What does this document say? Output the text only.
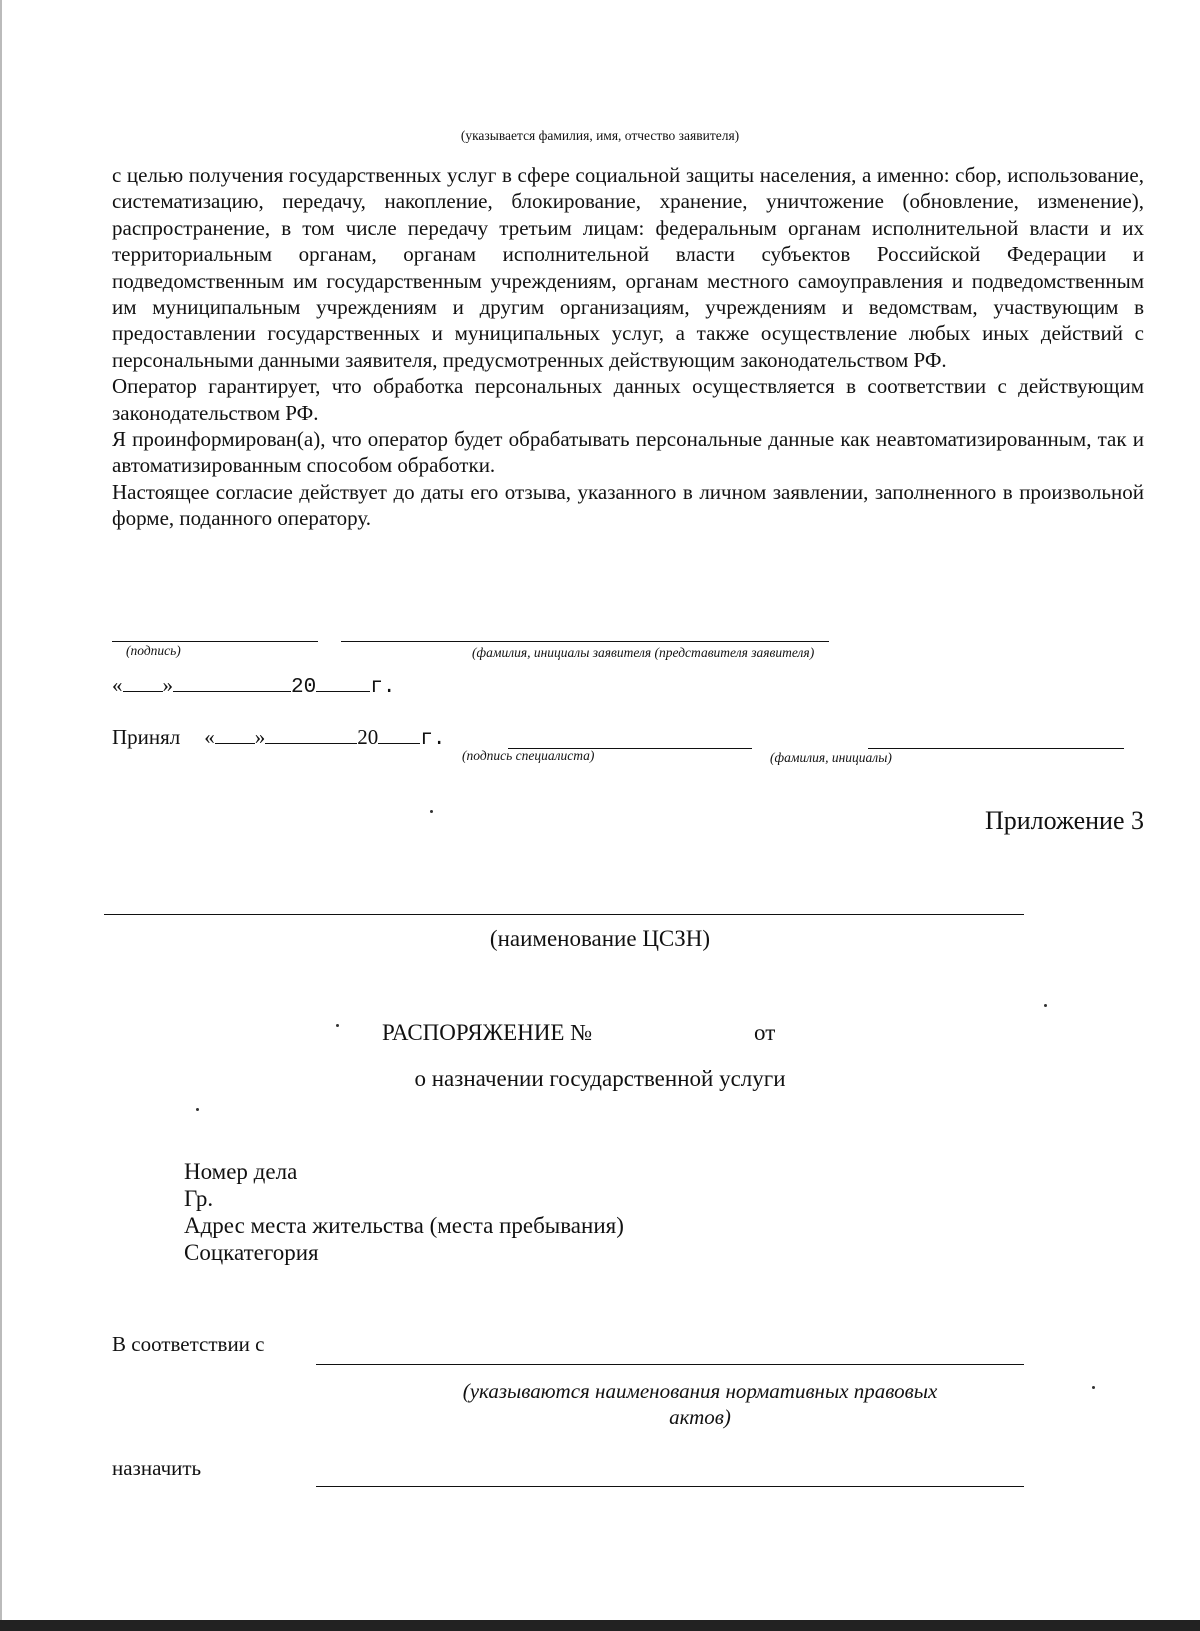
(указывается фамилия, имя, отчество заявителя)

с целью получения государственных услуг в сфере социальной защиты населения, а именно: сбор, использование, систематизацию, передачу, накопление, блокирование, хранение, уничтожение (обновление, изменение), распространение, в том числе передачу третьим лицам: федеральным органам исполнительной власти и их территориальным органам, органам исполнительной власти субъектов Российской Федерации и подведомственным им государственным учреждениям, органам местного самоуправления и подведомственным им муниципальным учреждениям и другим организациям, учреждениям и ведомствам, участвующим в предоставлении государственных и муниципальных услуг, а также осуществление любых иных действий с персональными данными заявителя, предусмотренных действующим законодательством РФ.

Оператор гарантирует, что обработка персональных данных осуществляется в соответствии с действующим законодательством РФ.

Я проинформирован(а), что оператор будет обрабатывать персональные данные как неавтоматизированным, так и автоматизированным способом обработки.

Настоящее согласие действует до даты его отзыва, указанного в личном заявлении, заполненного в произвольной форме, поданного оператору.

(подпись)	(фамилия, инициалы заявителя (представителя заявителя)
« »	20	г.
Принял « »	20 г.
(подпись специалиста)	(фамилия, инициалы)
Приложение 3
(наименование ЦСЗН)
РАСПОРЯЖЕНИЕ №	от
о назначении государственной услуги
Номер дела
Гр.
Адрес места жительства (места пребывания)
Соцкатегория
В соответствии с
(указываются наименования нормативных правовых
актов)
назначить
